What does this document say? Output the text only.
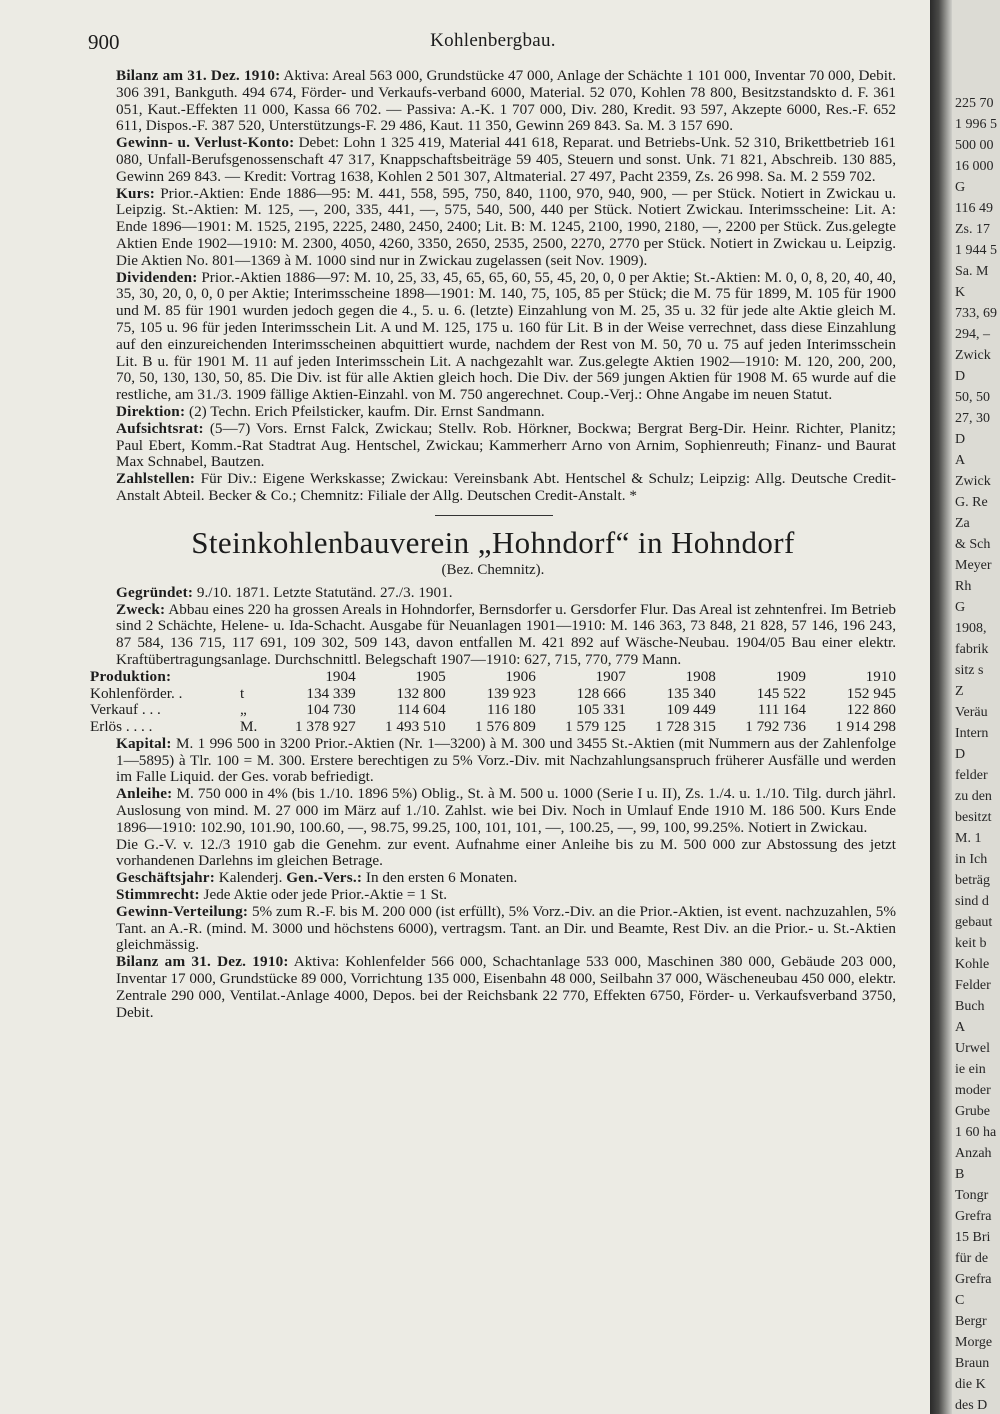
900	Kohlenbergbau.

Bilanz am 31. Dez. 1910: Aktiva: Areal 563 000, Grundstücke 47 000, Anlage der Schächte 1 101 000, Inventar 70 000, Debit. 306 391, Bankguth. 494 674, Förder- und Verkaufs-verband 6000, Material. 52 070, Kohlen 78 800, Besitzstandskto d. F. 361 051, Kaut.-Effekten 11 000, Kassa 66 702. — Passiva: A.-K. 1 707 000, Div. 280, Kredit. 93 597, Akzepte 6000, Res.-F. 652 611, Dispos.-F. 387 520, Unterstützungs-F. 29 486, Kaut. 11 350, Gewinn 269 843. Sa. M. 3 157 690.

Gewinn- u. Verlust-Konto: Debet: Lohn 1 325 419, Material 441 618, Reparat. und Betriebs-Unk. 52 310, Brikettbetrieb 161 080, Unfall-Berufsgenossenschaft 47 317, Knappschaftsbeiträge 59 405, Steuern und sonst. Unk. 71 821, Abschreib. 130 885, Gewinn 269 843. — Kredit: Vortrag 1638, Kohlen 2 501 307, Altmaterial. 27 497, Pacht 2359, Zs. 26 998. Sa. M. 2 559 702.

Kurs: Prior.-Aktien: Ende 1886—95: M. 441, 558, 595, 750, 840, 1100, 970, 940, 900, — per Stück. Notiert in Zwickau u. Leipzig. St.-Aktien: M. 125, —, 200, 335, 441, —, 575, 540, 500, 440 per Stück. Notiert Zwickau. Interimsscheine: Lit. A: Ende 1896—1901: M. 1525, 2195, 2225, 2480, 2450, 2400; Lit. B: M. 1245, 2100, 1990, 2180, —, 2200 per Stück. Zus.gelegte Aktien Ende 1902—1910: M. 2300, 4050, 4260, 3350, 2650, 2535, 2500, 2270, 2770 per Stück. Notiert in Zwickau u. Leipzig. Die Aktien No. 801—1369 à M. 1000 sind nur in Zwickau zugelassen (seit Nov. 1909).

Dividenden: Prior.-Aktien 1886—97: M. 10, 25, 33, 45, 65, 65, 60, 55, 45, 20, 0, 0 per Aktie; St.-Aktien: M. 0, 0, 8, 20, 40, 40, 35, 30, 20, 0, 0, 0 per Aktie; Interimsscheine 1898—1901: M. 140, 75, 105, 85 per Stück; die M. 75 für 1899, M. 105 für 1900 und M. 85 für 1901 wurden jedoch gegen die 4., 5. u. 6. (letzte) Einzahlung von M. 25, 35 u. 32 für jede alte Aktie gleich M. 75, 105 u. 96 für jeden Interimsschein Lit. A und M. 125, 175 u. 160 für Lit. B in der Weise verrechnet, dass diese Einzahlung auf den einzureichenden Interimsscheinen abquittiert wurde, nachdem der Rest von M. 50, 70 u. 75 auf jeden Interimsschein Lit. B u. für 1901 M. 11 auf jeden Interimsschein Lit. A nachgezahlt war. Zus.gelegte Aktien 1902—1910: M. 120, 200, 200, 70, 50, 130, 130, 50, 85. Die Div. ist für alle Aktien gleich hoch. Die Div. der 569 jungen Aktien für 1908 M. 65 wurde auf die restliche, am 31./3. 1909 fällige Aktien-Einzahl. von M. 750 angerechnet. Coup.-Verj.: Ohne Angabe im neuen Statut.

Direktion: (2) Techn. Erich Pfeilsticker, kaufm. Dir. Ernst Sandmann.

Aufsichtsrat: (5—7) Vors. Ernst Falck, Zwickau; Stellv. Rob. Hörkner, Bockwa; Bergrat Berg-Dir. Heinr. Richter, Planitz; Paul Ebert, Komm.-Rat Stadtrat Aug. Hentschel, Zwickau; Kammerherr Arno von Arnim, Sophienreuth; Finanz- und Baurat Max Schnabel, Bautzen.

Zahlstellen: Für Div.: Eigene Werkskasse; Zwickau: Vereinsbank Abt. Hentschel & Schulz; Leipzig: Allg. Deutsche Credit-Anstalt Abteil. Becker & Co.; Chemnitz: Filiale der Allg. Deutschen Credit-Anstalt. *

Steinkohlenbauverein „Hohndorf“ in Hohndorf
(Bez. Chemnitz).

Gegründet: 9./10. 1871. Letzte Statutänd. 27./3. 1901.

Zweck: Abbau eines 220 ha grossen Areals in Hohndorfer, Bernsdorfer u. Gersdorfer Flur. Das Areal ist zehntenfrei. Im Betrieb sind 2 Schächte, Helene- u. Ida-Schacht. Ausgabe für Neuanlagen 1901—1910: M. 146 363, 73 848, 21 828, 57 146, 196 243, 87 584, 136 715, 117 691, 109 302, 509 143, davon entfallen M. 421 892 auf Wäsche-Neubau. 1904/05 Bau einer elektr. Kraftübertragungsanlage. Durchschnittl. Belegschaft 1907—1910: 627, 715, 770, 779 Mann.

Produktion:		1904	1905	1906	1907	1908	1909	1910
Kohlenförder. .	t	134 339	132 800	139 923	128 666	135 340	145 522	152 945
Verkauf . . .	„	104 730	114 604	116 180	105 331	109 449	111 164	122 860
Erlös . . . .	M.	1 378 927	1 493 510	1 576 809	1 579 125	1 728 315	1 792 736	1 914 298

Kapital: M. 1 996 500 in 3200 Prior.-Aktien (Nr. 1—3200) à M. 300 und 3455 St.-Aktien (mit Nummern aus der Zahlenfolge 1—5895) à Tlr. 100 = M. 300. Erstere berechtigen zu 5% Vorz.-Div. mit Nachzahlungsanspruch früherer Ausfälle und werden im Falle Liquid. der Ges. vorab befriedigt.

Anleihe: M. 750 000 in 4% (bis 1./10. 1896 5%) Oblig., St. à M. 500 u. 1000 (Serie I u. II), Zs. 1./4. u. 1./10. Tilg. durch jährl. Auslosung von mind. M. 27 000 im März auf 1./10. Zahlst. wie bei Div. Noch in Umlauf Ende 1910 M. 186 500. Kurs Ende 1896—1910: 102.90, 101.90, 100.60, —, 98.75, 99.25, 100, 101, 101, —, 100.25, —, 99, 100, 99.25%. Notiert in Zwickau.

Die G.-V. v. 12./3 1910 gab die Genehm. zur event. Aufnahme einer Anleihe bis zu M. 500 000 zur Abstossung des jetzt vorhandenen Darlehns im gleichen Betrage.

Geschäftsjahr: Kalenderj. Gen.-Vers.: In den ersten 6 Monaten.

Stimmrecht: Jede Aktie oder jede Prior.-Aktie = 1 St.

Gewinn-Verteilung: 5% zum R.-F. bis M. 200 000 (ist erfüllt), 5% Vorz.-Div. an die Prior.-Aktien, ist event. nachzuzahlen, 5% Tant. an A.-R. (mind. M. 3000 und höchstens 6000), vertragsm. Tant. an Dir. und Beamte, Rest Div. an die Prior.- u. St.-Aktien gleichmässig.

Bilanz am 31. Dez. 1910: Aktiva: Kohlenfelder 566 000, Schachtanlage 533 000, Maschinen 380 000, Gebäude 203 000, Inventar 17 000, Grundstücke 89 000, Vorrichtung 135 000, Eisenbahn 48 000, Seilbahn 37 000, Wäscheneubau 450 000, elektr. Zentrale 290 000, Ventilat.-Anlage 4000, Depos. bei der Reichsbank 22 770, Effekten 6750, Förder- u. Verkaufsverband 3750, Debit.

225 70
1 996 5
500 00
16 000
G
116 49
Zs. 17
1 944 5
Sa. M
K
733, 69
294, –
Zwick
D
50, 50
27, 30
D
A
Zwick
G. Re
Za
& Sch
Meyer
Rh
G
1908,
fabrik
sitz s
Z
Veräu
Intern
D
felder
zu den
besitzt
M. 1
in Ich
beträg
sind d
gebaut
keit b
Kohle
Felder
Buch
A
Urwel
ie ein
moder
Grube
1 60 ha
Anzah
B
Tongr
Grefra
15 Bri
für de
Grefra
C
Bergr
Morge
Braun
die K
des D
